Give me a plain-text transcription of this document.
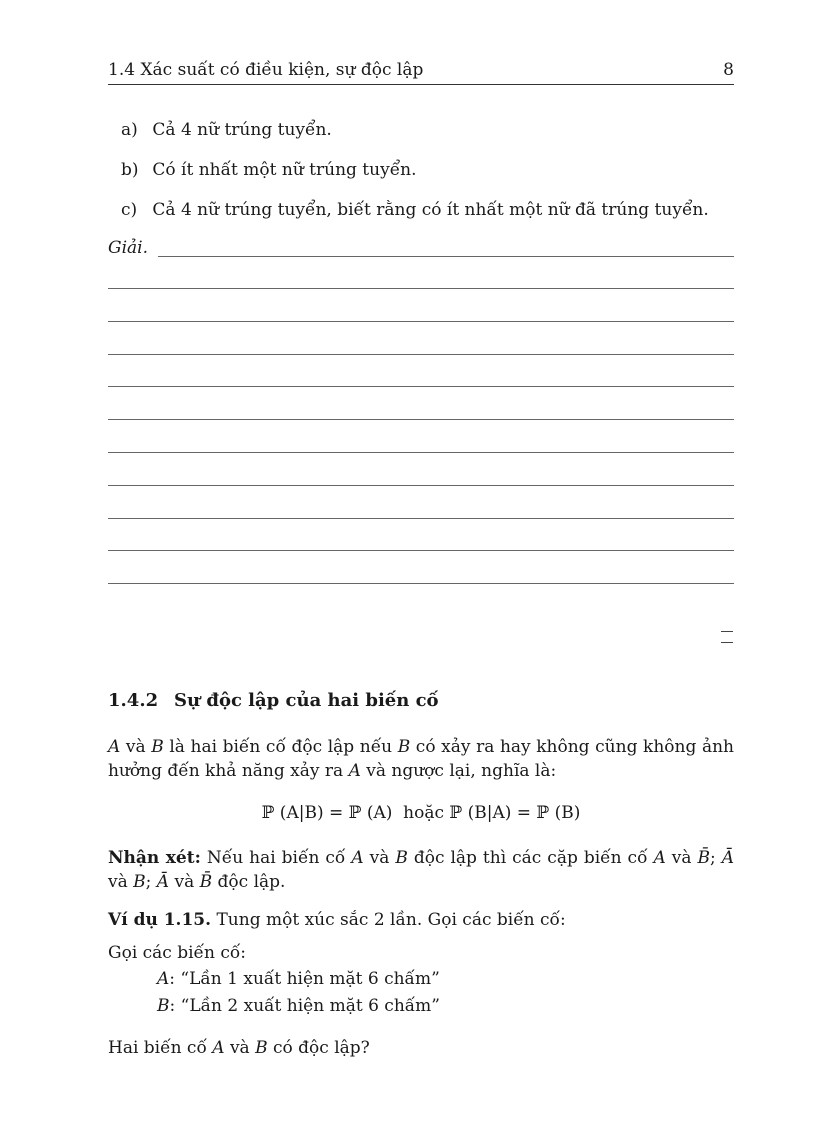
1.4 Xác suất có điều kiện, sự độc lập	8
a) Cả 4 nữ trúng tuyển.
b) Có ít nhất một nữ trúng tuyển.
c) Cả 4 nữ trúng tuyển, biết rằng có ít nhất một nữ đã trúng tuyển.
Giải.
1.4.2 Sự độc lập của hai biến cố
A và B là hai biến cố độc lập nếu B có xảy ra hay không cũng không ảnh hưởng đến khả năng xảy ra A và ngược lại, nghĩa là:
ℙ (A|B) = ℙ (A) hoặc ℙ (B|A) = ℙ (B)
Nhận xét: Nếu hai biến cố A và B độc lập thì các cặp biến cố A và B̄; Ā và B; Ā và B̄ độc lập.
Ví dụ 1.15. Tung một xúc sắc 2 lần. Gọi các biến cố:
Gọi các biến cố:
A: “Lần 1 xuất hiện mặt 6 chấm”
B: “Lần 2 xuất hiện mặt 6 chấm”
Hai biến cố A và B có độc lập?
